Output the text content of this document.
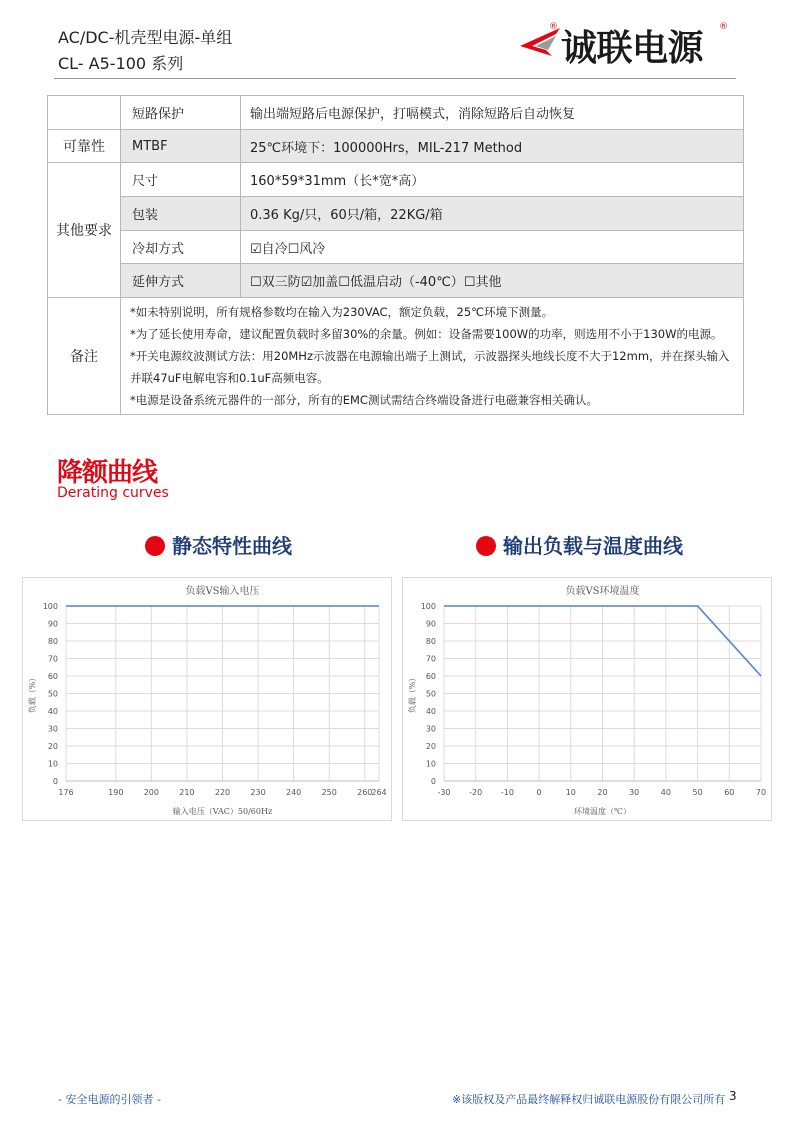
AC/DC-机壳型电源-单组
CL- A5-100 系列	诚联电源
®	®
	短路保护	输出端短路后电源保护，打嗝模式，消除短路后自动恢复
可靠性	MTBF	25℃环境下：100000Hrs，MIL-217 Method
其他要求	尺寸	160*59*31mm（长*宽*高）
	包装	0.36 Kg/只，60只/箱，22KG/箱
	冷却方式	☑自冷☐风冷
	延伸方式	☐双三防☑加盖☐低温启动（-40℃）☐其他
备注	*如未特别说明，所有规格参数均在输入为230VAC，额定负载，25℃环境下测量。

*为了延长使用寿命，建议配置负载时多留30%的余量。例如：设备需要100W的功率，则选用不小于130W的电源。

*开关电源纹波测试方法：用20MHz示波器在电源输出端子上测试，示波器探头地线长度不大于12mm，并在探头输入并联47uF电解电容和0.1uF高频电容。

*电源是设备系统元器件的一部分，所有的EMC测试需结合终端设备进行电磁兼容相关确认。	

降额曲线
Derating curves
静态特性曲线	输出负载与温度曲线
负载VS输入电压
0
10
20
30
40
50
60
70
80
90
100
176	190	200	210	220	230	240	250	260
264
输入电压（VAC）50/60Hz
负载（%）
负载VS环境温度
0
10
20
30
40
50
60
70
80
90
100
-30 -20 -10	0	10	20	30	40	50	60	70
环境温度（℃）
负载（%）
- 安全电源的引领者 -	※该版权及产品最终解释权归诚联电源股份有限公司所有 3
